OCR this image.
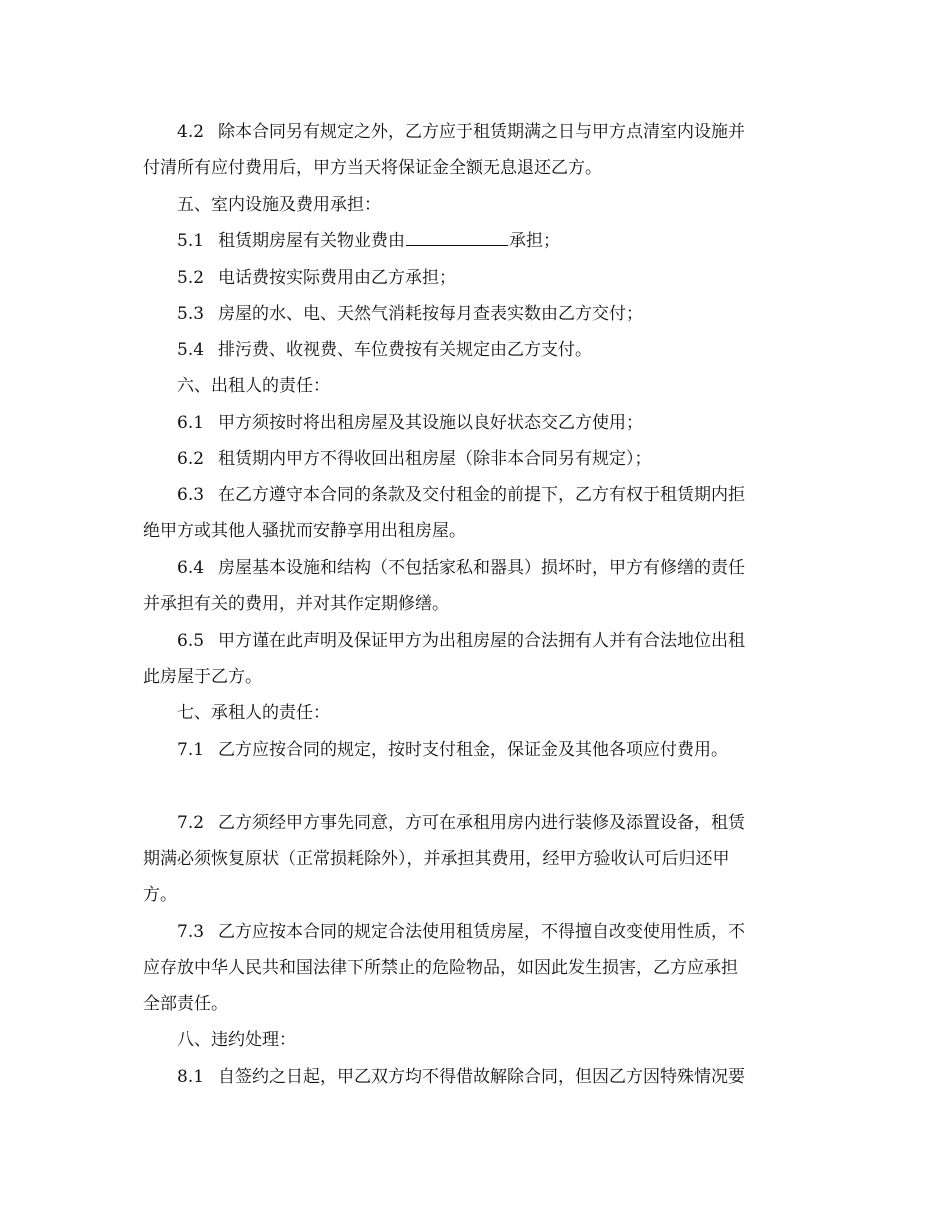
4.2 除本合同另有规定之外，乙方应于租赁期满之日与甲方点清室内设施并
付清所有应付费用后，甲方当天将保证金全额无息退还乙方。
五、室内设施及费用承担：
5.1 租赁期房屋有关物业费由	承担；
5.2 电话费按实际费用由乙方承担；
5.3 房屋的水、电、天然气消耗按每月查表实数由乙方交付；
5.4 排污费、收视费、车位费按有关规定由乙方支付。
六、出租人的责任：
6.1 甲方须按时将出租房屋及其设施以良好状态交乙方使用；
6.2 租赁期内甲方不得收回出租房屋（除非本合同另有规定）；
6.3 在乙方遵守本合同的条款及交付租金的前提下，乙方有权于租赁期内拒
绝甲方或其他人骚扰而安静享用出租房屋。
6.4 房屋基本设施和结构（不包括家私和器具）损坏时，甲方有修缮的责任
并承担有关的费用，并对其作定期修缮。
6.5 甲方谨在此声明及保证甲方为出租房屋的合法拥有人并有合法地位出租
此房屋于乙方。
七、承租人的责任：
7.1 乙方应按合同的规定，按时支付租金，保证金及其他各项应付费用。
7.2 乙方须经甲方事先同意，方可在承租用房内进行装修及添置设备，租赁
期满必须恢复原状（正常损耗除外），并承担其费用，经甲方验收认可后归还甲
方。
7.3 乙方应按本合同的规定合法使用租赁房屋，不得擅自改变使用性质，不
应存放中华人民共和国法律下所禁止的危险物品，如因此发生损害，乙方应承担
全部责任。
八、违约处理：
8.1 自签约之日起，甲乙双方均不得借故解除合同，但因乙方因特殊情况要
